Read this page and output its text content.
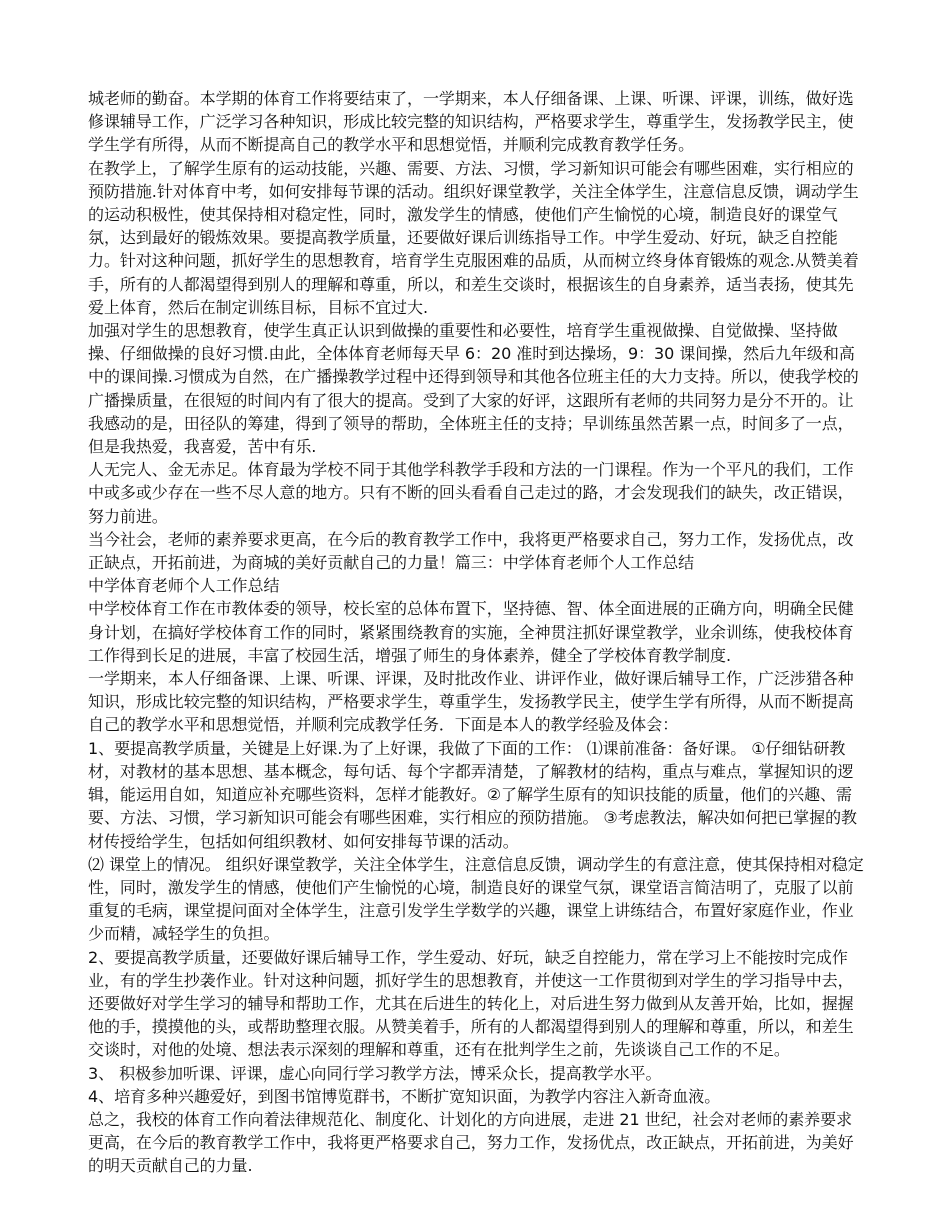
城老师的勤奋。本学期的体育工作将要结束了，一学期来，本人仔细备课、上课、听课、评课，训练，做好选修课辅导工作，广泛学习各种知识，形成比较完整的知识结构，严格要求学生，尊重学生，发扬教学民主，使学生学有所得，从而不断提高自己的教学水平和思想觉悟，并顺利完成教育教学任务。

在教学上，了解学生原有的运动技能，兴趣、需要、方法、习惯，学习新知识可能会有哪些困难，实行相应的预防措施.针对体育中考，如何安排每节课的活动。组织好课堂教学，关注全体学生，注意信息反馈，调动学生的运动积极性，使其保持相对稳定性，同时，激发学生的情感，使他们产生愉悦的心境，制造良好的课堂气氛，达到最好的锻炼效果。要提高教学质量，还要做好课后训练指导工作。中学生爱动、好玩，缺乏自控能力。针对这种问题，抓好学生的思想教育，培育学生克服困难的品质，从而树立终身体育锻炼的观念.从赞美着手，所有的人都渴望得到别人的理解和尊重，所以，和差生交谈时，根据该生的自身素养，适当表扬，使其先爱上体育，然后在制定训练目标，目标不宜过大.

加强对学生的思想教育，使学生真正认识到做操的重要性和必要性，培育学生重视做操、自觉做操、坚持做操、仔细做操的良好习惯.由此，全体体育老师每天早 6：20 准时到达操场，9：30 课间操，然后九年级和高中的课间操.习惯成为自然，在广播操教学过程中还得到领导和其他各位班主任的大力支持。所以，使我学校的广播操质量，在很短的时间内有了很大的提高。受到了大家的好评，这跟所有老师的共同努力是分不开的。让我感动的是，田径队的筹建，得到了领导的帮助，全体班主任的支持；早训练虽然苦累一点，时间多了一点，但是我热爱，我喜爱，苦中有乐.

人无完人、金无赤足。体育最为学校不同于其他学科教学手段和方法的一门课程。作为一个平凡的我们，工作中或多或少存在一些不尽人意的地方。只有不断的回头看看自己走过的路，才会发现我们的缺失，改正错误，努力前进。

当今社会，老师的素养要求更高，在今后的教育教学工作中，我将更严格要求自己，努力工作，发扬优点，改正缺点，开拓前进，为商城的美好贡献自己的力量！篇三：中学体育老师个人工作总结

中学体育老师个人工作总结

中学校体育工作在市教体委的领导，校长室的总体布置下，坚持德、智、体全面进展的正确方向，明确全民健身计划，在搞好学校体育工作的同时，紧紧围绕教育的实施，全神贯注抓好课堂教学，业余训练，使我校体育工作得到长足的进展，丰富了校园生活，增强了师生的身体素养，健全了学校体育教学制度.

一学期来，本人仔细备课、上课、听课、评课，及时批改作业、讲评作业，做好课后辅导工作，广泛涉猎各种知识，形成比较完整的知识结构，严格要求学生，尊重学生，发扬教学民主，使学生学有所得，从而不断提高自己的教学水平和思想觉悟，并顺利完成教学任务．下面是本人的教学经验及体会：

1、要提高教学质量，关键是上好课.为了上好课，我做了下面的工作： ⑴课前准备：备好课。 ①仔细钻研教材，对教材的基本思想、基本概念，每句话、每个字都弄清楚，了解教材的结构，重点与难点，掌握知识的逻辑，能运用自如，知道应补充哪些资料，怎样才能教好。②了解学生原有的知识技能的质量，他们的兴趣、需要、方法、习惯，学习新知识可能会有哪些困难，实行相应的预防措施。 ③考虑教法，解决如何把已掌握的教材传授给学生，包括如何组织教材、如何安排每节课的活动。

⑵ 课堂上的情况。 组织好课堂教学，关注全体学生，注意信息反馈，调动学生的有意注意，使其保持相对稳定性，同时，激发学生的情感，使他们产生愉悦的心境，制造良好的课堂气氛，课堂语言简洁明了，克服了以前重复的毛病，课堂提问面对全体学生，注意引发学生学数学的兴趣，课堂上讲练结合，布置好家庭作业，作业少而精，减轻学生的负担。

2、要提高教学质量，还要做好课后辅导工作，学生爱动、好玩，缺乏自控能力，常在学习上不能按时完成作业，有的学生抄袭作业。针对这种问题，抓好学生的思想教育，并使这一工作贯彻到对学生的学习指导中去，还要做好对学生学习的辅导和帮助工作，尤其在后进生的转化上，对后进生努力做到从友善开始，比如，握握他的手，摸摸他的头，或帮助整理衣服。从赞美着手，所有的人都渴望得到别人的理解和尊重，所以，和差生交谈时，对他的处境、想法表示深刻的理解和尊重，还有在批判学生之前，先谈谈自己工作的不足。

3、 积极参加听课、评课，虚心向同行学习教学方法，博采众长，提高教学水平。

4、培育多种兴趣爱好，到图书馆博览群书，不断扩宽知识面，为教学内容注入新奇血液。

总之，我校的体育工作向着法律规范化、制度化、计划化的方向进展，走进 21 世纪，社会对老师的素养要求更高，在今后的教育教学工作中，我将更严格要求自己，努力工作，发扬优点，改正缺点，开拓前进，为美好的明天贡献自己的力量.
